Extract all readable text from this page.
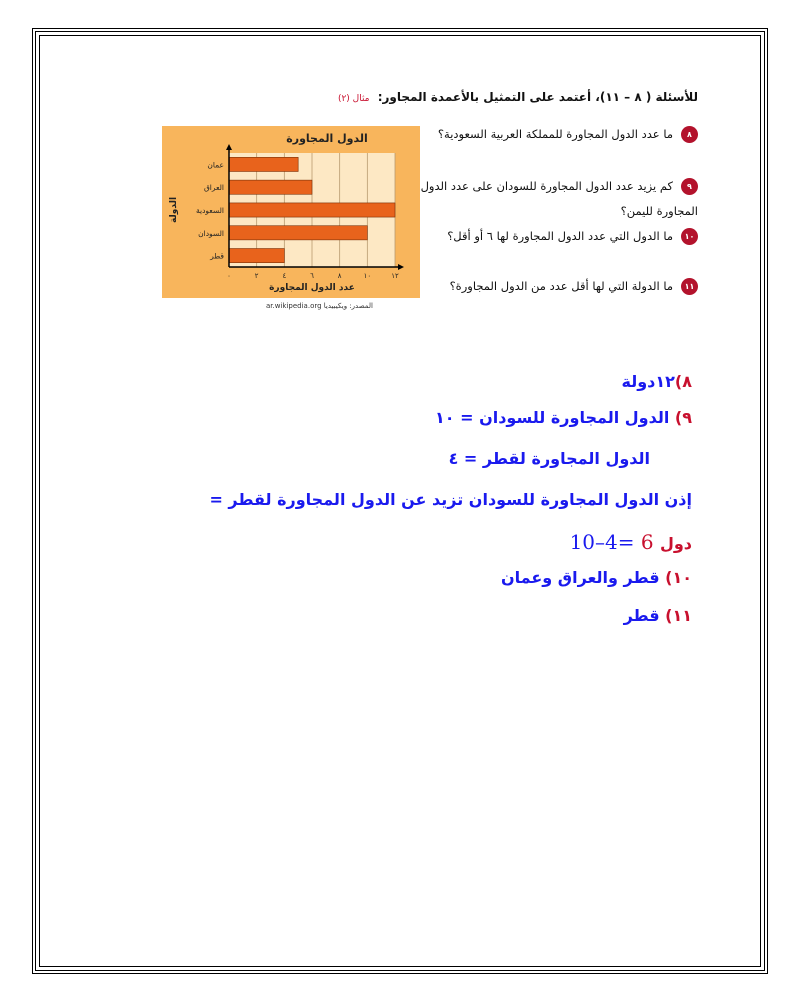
للأسئلة ( ٨ – ١١)، أعتمد على التمثيل بالأعمدة المجاور: مثال (٢)
٨ما عدد الدول المجاورة للمملكة العربية السعودية؟
٩كم يزيد عدد الدول المجاورة للسودان على عدد الدول المجاورة لليمن؟
١٠ما الدول التي عدد الدول المجاورة لها ٦ أو أقل؟
١١ما الدولة التي لها أقل عدد من الدول المجاورة؟
الدول المجاورة
عمان
العراق
السعودية
السودان
قطر
٠	٢	٤	٦	٨	١٠	١٢
عدد الدول المجاورة
الدولة
المصدر: ويكيبيديا ar.wikipedia.org
٨)١٢دولة
٩) الدول المجاورة للسودان = ١٠
الدول المجاورة لقطر = ٤
إذن الدول المجاورة للسودان تزيد عن الدول المجاورة لقطر =
10–4= 6 دول
١٠) قطر والعراق وعمان
١١) قطر
